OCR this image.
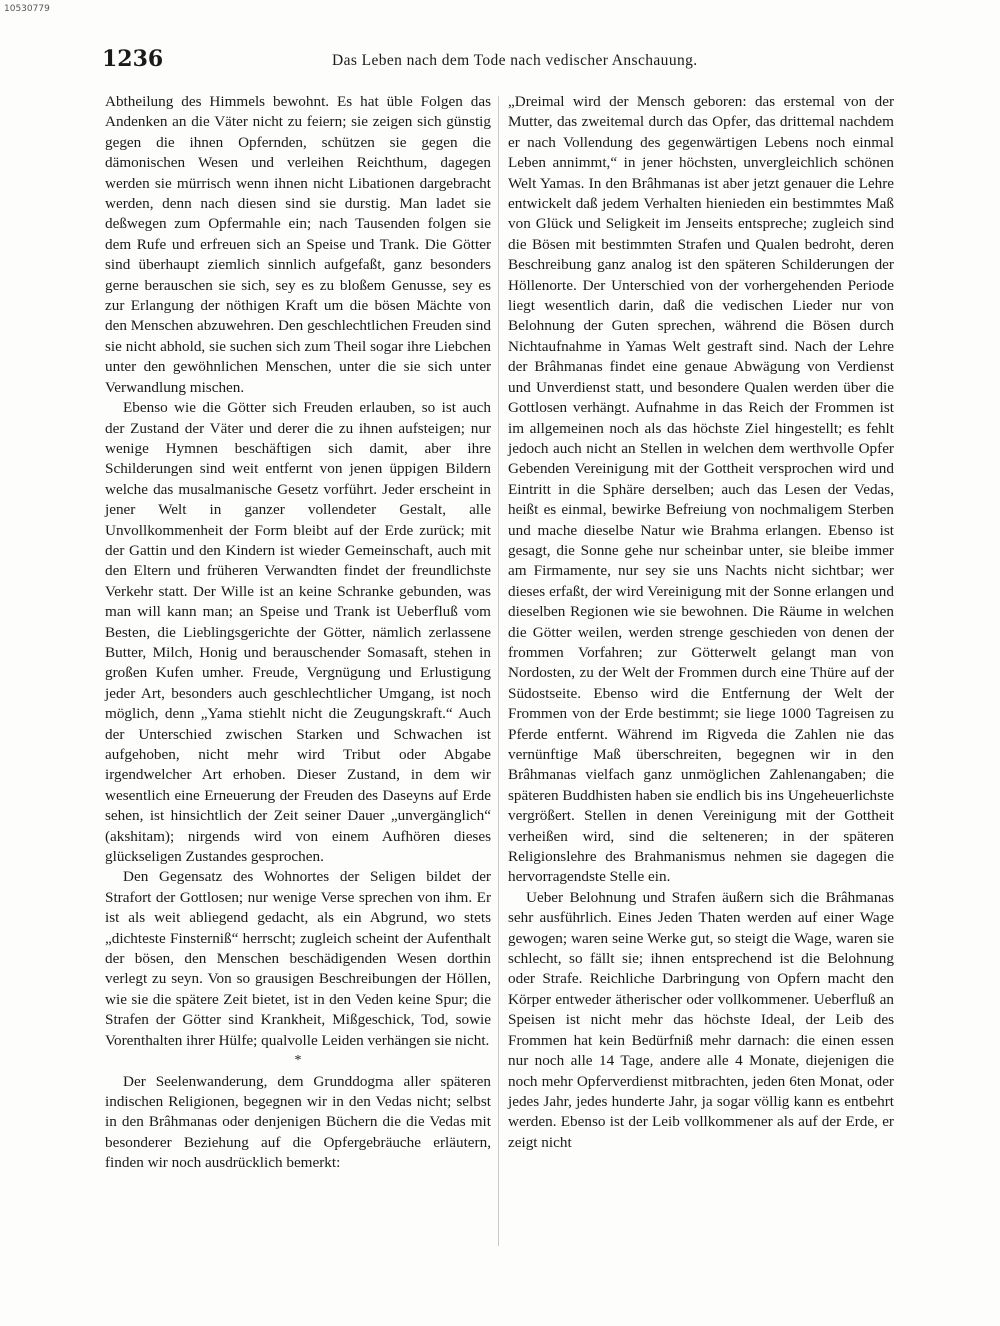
10530779
1236	Das Leben nach dem Tode nach vedischer Anschauung.

Abtheilung des Himmels bewohnt. Es hat üble Folgen das Andenken an die Väter nicht zu feiern; sie zeigen sich günstig gegen die ihnen Opfernden, schützen sie gegen die dämonischen Wesen und verleihen Reichthum, dagegen werden sie mürrisch wenn ihnen nicht Libationen dargebracht werden, denn nach diesen sind sie durstig. Man ladet sie deßwegen zum Opfermahle ein; nach Tausenden folgen sie dem Rufe und erfreuen sich an Speise und Trank. Die Götter sind überhaupt ziemlich sinnlich aufgefaßt, ganz besonders gerne berauschen sie sich, sey es zu bloßem Genusse, sey es zur Erlangung der nöthigen Kraft um die bösen Mächte von den Menschen abzuwehren. Den geschlechtlichen Freuden sind sie nicht abhold, sie suchen sich zum Theil sogar ihre Liebchen unter den gewöhnlichen Menschen, unter die sie sich unter Verwandlung mischen.

Ebenso wie die Götter sich Freuden erlauben, so ist auch der Zustand der Väter und derer die zu ihnen aufsteigen; nur wenige Hymnen beschäftigen sich damit, aber ihre Schilderungen sind weit entfernt von jenen üppigen Bildern welche das musalmanische Gesetz vorführt. Jeder erscheint in jener Welt in ganzer vollendeter Gestalt, alle Unvollkommenheit der Form bleibt auf der Erde zurück; mit der Gattin und den Kindern ist wieder Gemeinschaft, auch mit den Eltern und früheren Verwandten findet der freundlichste Verkehr statt. Der Wille ist an keine Schranke gebunden, was man will kann man; an Speise und Trank ist Ueberfluß vom Besten, die Lieblingsgerichte der Götter, nämlich zerlassene Butter, Milch, Honig und berauschender Somasaft, stehen in großen Kufen umher. Freude, Vergnügung und Erlustigung jeder Art, besonders auch geschlechtlicher Umgang, ist noch möglich, denn „Yama stiehlt nicht die Zeugungskraft.“ Auch der Unterschied zwischen Starken und Schwachen ist aufgehoben, nicht mehr wird Tribut oder Abgabe irgendwelcher Art erhoben. Dieser Zustand, in dem wir wesentlich eine Erneuerung der Freuden des Daseyns auf Erde sehen, ist hinsichtlich der Zeit seiner Dauer „unvergänglich“ (akshitam); nirgends wird von einem Aufhören dieses glückseligen Zustandes gesprochen.

Den Gegensatz des Wohnortes der Seligen bildet der Strafort der Gottlosen; nur wenige Verse sprechen von ihm. Er ist als weit abliegend gedacht, als ein Abgrund, wo stets „dichteste Finsterniß“ herrscht; zugleich scheint der Aufenthalt der bösen, den Menschen beschädigenden Wesen dorthin verlegt zu seyn. Von so grausigen Beschreibungen der Höllen, wie sie die spätere Zeit bietet, ist in den Veden keine Spur; die Strafen der Götter sind Krankheit, Mißgeschick, Tod, sowie Vorenthalten ihrer Hülfe; qualvolle Leiden verhängen sie nicht.

*

Der Seelenwanderung, dem Grunddogma aller späteren indischen Religionen, begegnen wir in den Vedas nicht; selbst in den Brâhmanas oder denjenigen Büchern die die Vedas mit besonderer Beziehung auf die Opfergebräuche erläutern, finden wir noch ausdrücklich bemerkt:

„Dreimal wird der Mensch geboren: das erstemal von der Mutter, das zweitemal durch das Opfer, das drittemal nachdem er nach Vollendung des gegenwärtigen Lebens noch einmal Leben annimmt,“ in jener höchsten, unvergleichlich schönen Welt Yamas. In den Brâhmanas ist aber jetzt genauer die Lehre entwickelt daß jedem Verhalten hienieden ein bestimmtes Maß von Glück und Seligkeit im Jenseits entspreche; zugleich sind die Bösen mit bestimmten Strafen und Qualen bedroht, deren Beschreibung ganz analog ist den späteren Schilderungen der Höllenorte. Der Unterschied von der vorhergehenden Periode liegt wesentlich darin, daß die vedischen Lieder nur von Belohnung der Guten sprechen, während die Bösen durch Nichtaufnahme in Yamas Welt gestraft sind. Nach der Lehre der Brâhmanas findet eine genaue Abwägung von Verdienst und Unverdienst statt, und besondere Qualen werden über die Gottlosen verhängt. Aufnahme in das Reich der Frommen ist im allgemeinen noch als das höchste Ziel hingestellt; es fehlt jedoch auch nicht an Stellen in welchen dem werthvolle Opfer Gebenden Vereinigung mit der Gottheit versprochen wird und Eintritt in die Sphäre derselben; auch das Lesen der Vedas, heißt es einmal, bewirke Befreiung von nochmaligem Sterben und mache dieselbe Natur wie Brahma erlangen. Ebenso ist gesagt, die Sonne gehe nur scheinbar unter, sie bleibe immer am Firmamente, nur sey sie uns Nachts nicht sichtbar; wer dieses erfaßt, der wird Vereinigung mit der Sonne erlangen und dieselben Regionen wie sie bewohnen. Die Räume in welchen die Götter weilen, werden strenge geschieden von denen der frommen Vorfahren; zur Götterwelt gelangt man von Nordosten, zu der Welt der Frommen durch eine Thüre auf der Südostseite. Ebenso wird die Entfernung der Welt der Frommen von der Erde bestimmt; sie liege 1000 Tagreisen zu Pferde entfernt. Während im Rigveda die Zahlen nie das vernünftige Maß überschreiten, begegnen wir in den Brâhmanas vielfach ganz unmöglichen Zahlenangaben; die späteren Buddhisten haben sie endlich bis ins Ungeheuerlichste vergrößert. Stellen in denen Vereinigung mit der Gottheit verheißen wird, sind die selteneren; in der späteren Religionslehre des Brahmanismus nehmen sie dagegen die hervorragendste Stelle ein.

Ueber Belohnung und Strafen äußern sich die Brâhmanas sehr ausführlich. Eines Jeden Thaten werden auf einer Wage gewogen; waren seine Werke gut, so steigt die Wage, waren sie schlecht, so fällt sie; ihnen entsprechend ist die Belohnung oder Strafe. Reichliche Darbringung von Opfern macht den Körper entweder ätherischer oder vollkommener. Ueberfluß an Speisen ist nicht mehr das höchste Ideal, der Leib des Frommen hat kein Bedürfniß mehr darnach: die einen essen nur noch alle 14 Tage, andere alle 4 Monate, diejenigen die noch mehr Opferverdienst mitbrachten, jeden 6ten Monat, oder jedes Jahr, jedes hunderte Jahr, ja sogar völlig kann es entbehrt werden. Ebenso ist der Leib vollkommener als auf der Erde, er zeigt nicht
